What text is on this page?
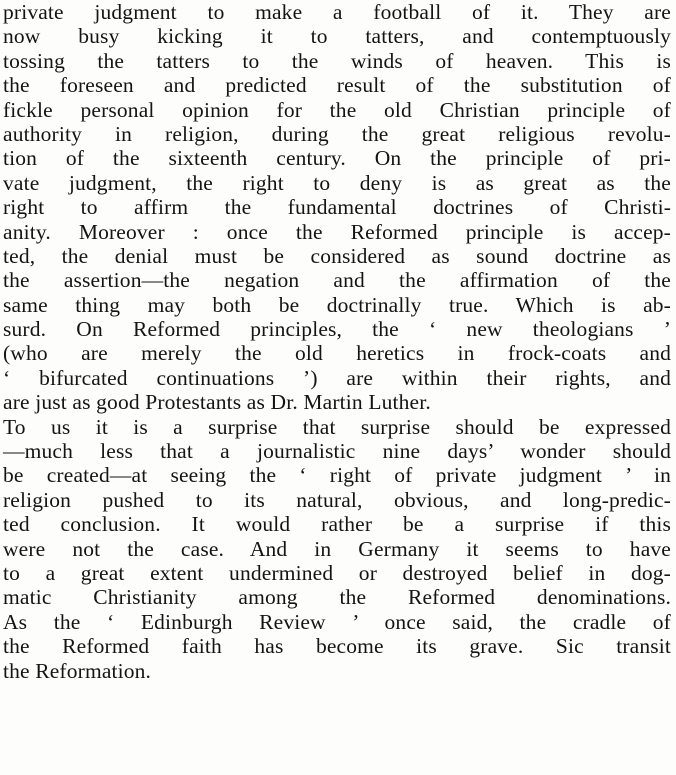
private judgment to make a football of it. They are
now busy kicking it to tatters, and contemptuously
tossing the tatters to the winds of heaven. This is
the foreseen and predicted result of the substitution of
fickle personal opinion for the old Christian principle of
authority in religion, during the great religious revolu-
tion of the sixteenth century. On the principle of pri-
vate judgment, the right to deny is as great as the
right to affirm the fundamental doctrines of Christi-
anity. Moreover : once the Reformed principle is accep-
ted, the denial must be considered as sound doctrine as
the assertion—the negation and the affirmation of the
same thing may both be doctrinally true. Which is ab-
surd. On Reformed principles, the ‘ new theologians ’
(who are merely the old heretics in frock-coats and
‘ bifurcated continuations ’) are within their rights, and
are just as good Protestants as Dr. Martin Luther.
To us it is a surprise that surprise should be expressed
—much less that a journalistic nine days’ wonder should
be created—at seeing the ‘ right of private judgment ’ in
religion pushed to its natural, obvious, and long-predic-
ted conclusion. It would rather be a surprise if this
were not the case. And in Germany it seems to have
to a great extent undermined or destroyed belief in dog-
matic Christianity among the Reformed denominations.
As the ‘ Edinburgh Review ’ once said, the cradle of
the Reformed faith has become its grave. Sic transit
the Reformation.
